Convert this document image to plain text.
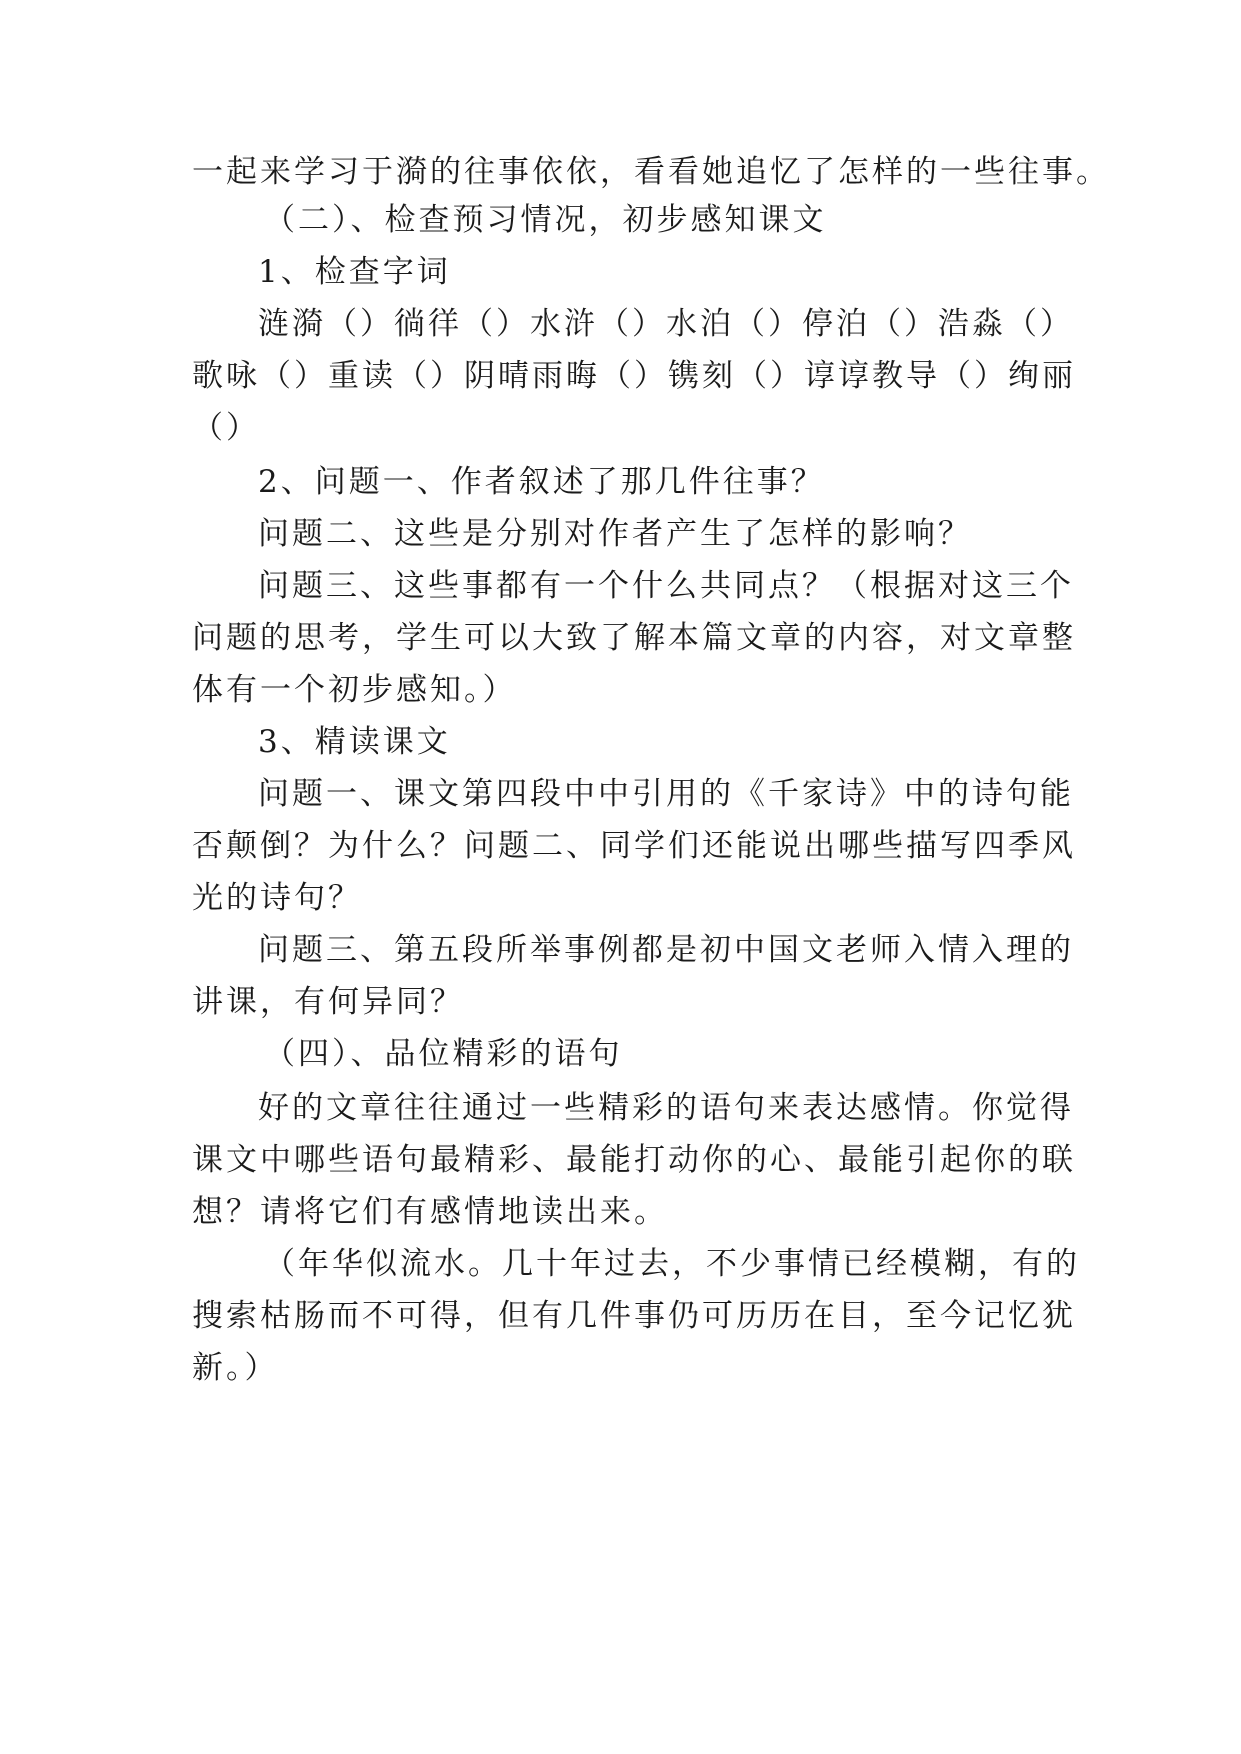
一起来学习于漪的往事依依，看看她追忆了怎样的一些往事。
（二）、检查预习情况，初步感知课文
1、检查字词
涟漪（）徜徉（）水浒（）水泊（）停泊（）浩淼（）
歌咏（）重读（）阴晴雨晦（）镌刻（）谆谆教导（）绚丽
（）
2、问题一、作者叙述了那几件往事？
问题二、这些是分别对作者产生了怎样的影响？
问题三、这些事都有一个什么共同点？（根据对这三个
问题的思考，学生可以大致了解本篇文章的内容，对文章整
体有一个初步感知。）
3、精读课文
问题一、课文第四段中中引用的《千家诗》中的诗句能
否颠倒？为什么？问题二、同学们还能说出哪些描写四季风
光的诗句？
问题三、第五段所举事例都是初中国文老师入情入理的
讲课，有何异同？
（四）、品位精彩的语句
好的文章往往通过一些精彩的语句来表达感情。你觉得
课文中哪些语句最精彩、最能打动你的心、最能引起你的联
想？请将它们有感情地读出来。
（年华似流水。几十年过去，不少事情已经模糊，有的
搜索枯肠而不可得，但有几件事仍可历历在目，至今记忆犹
新。）
